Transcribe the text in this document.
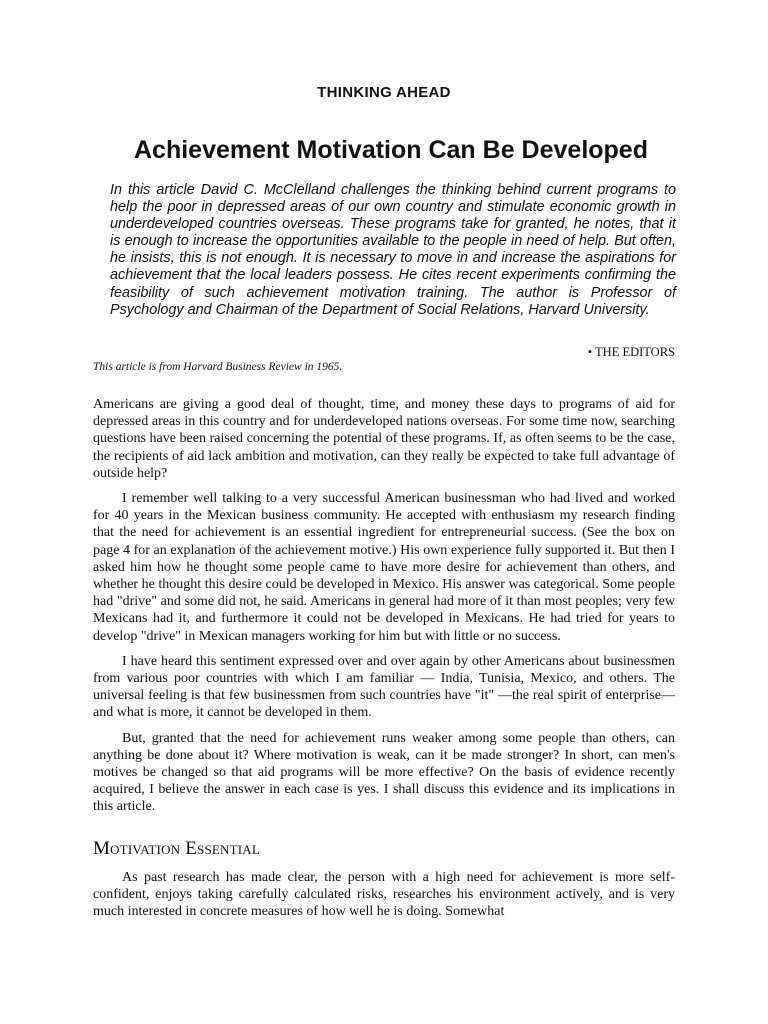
THINKING AHEAD
Achievement Motivation Can Be Developed

In this article David C. McClelland challenges the thinking behind current programs to help the poor in depressed areas of our own country and stimulate economic growth in underdeveloped countries overseas. These programs take for granted, he notes, that it is enough to increase the opportunities available to the people in need of help. But often, he insists, this is not enough. It is necessary to move in and increase the aspirations for achievement that the local leaders possess. He cites recent experiments confirming the feasibility of such achievement motivation training. The author is Professor of Psychology and Chairman of the Department of Social Relations, Harvard University.

• THE EDITORS

This article is from Harvard Business Review in 1965.

Americans are giving a good deal of thought, time, and money these days to programs of aid for depressed areas in this country and for underdeveloped nations overseas. For some time now, searching questions have been raised concerning the potential of these programs. If, as often seems to be the case, the recipients of aid lack ambition and motivation, can they really be expected to take full advantage of outside help?

I remember well talking to a very successful American businessman who had lived and worked for 40 years in the Mexican business community. He accepted with enthusiasm my research finding that the need for achievement is an essential ingredient for entrepreneurial success. (See the box on page 4 for an explanation of the achievement motive.) His own experience fully supported it. But then I asked him how he thought some people came to have more desire for achievement than others, and whether he thought this desire could be developed in Mexico. His answer was categorical. Some people had "drive" and some did not, he said. Americans in general had more of it than most peoples; very few Mexicans had it, and furthermore it could not be developed in Mexicans. He had tried for years to develop "drive" in Mexican managers working for him but with little or no success.

I have heard this sentiment expressed over and over again by other Americans about businessmen from various poor countries with which I am familiar — India, Tunisia, Mexico, and others. The universal feeling is that few businessmen from such countries have "it" —the real spirit of enterprise— and what is more, it cannot be developed in them.

But, granted that the need for achievement runs weaker among some people than others, can anything be done about it? Where motivation is weak, can it be made stronger? In short, can men's motives be changed so that aid programs will be more effective? On the basis of evidence recently acquired, I believe the answer in each case is yes. I shall discuss this evidence and its implications in this article.

Motivation Essential

As past research has made clear, the person with a high need for achievement is more self-confident, enjoys taking carefully calculated risks, researches his environment actively, and is very much interested in concrete measures of how well he is doing. Somewhat
